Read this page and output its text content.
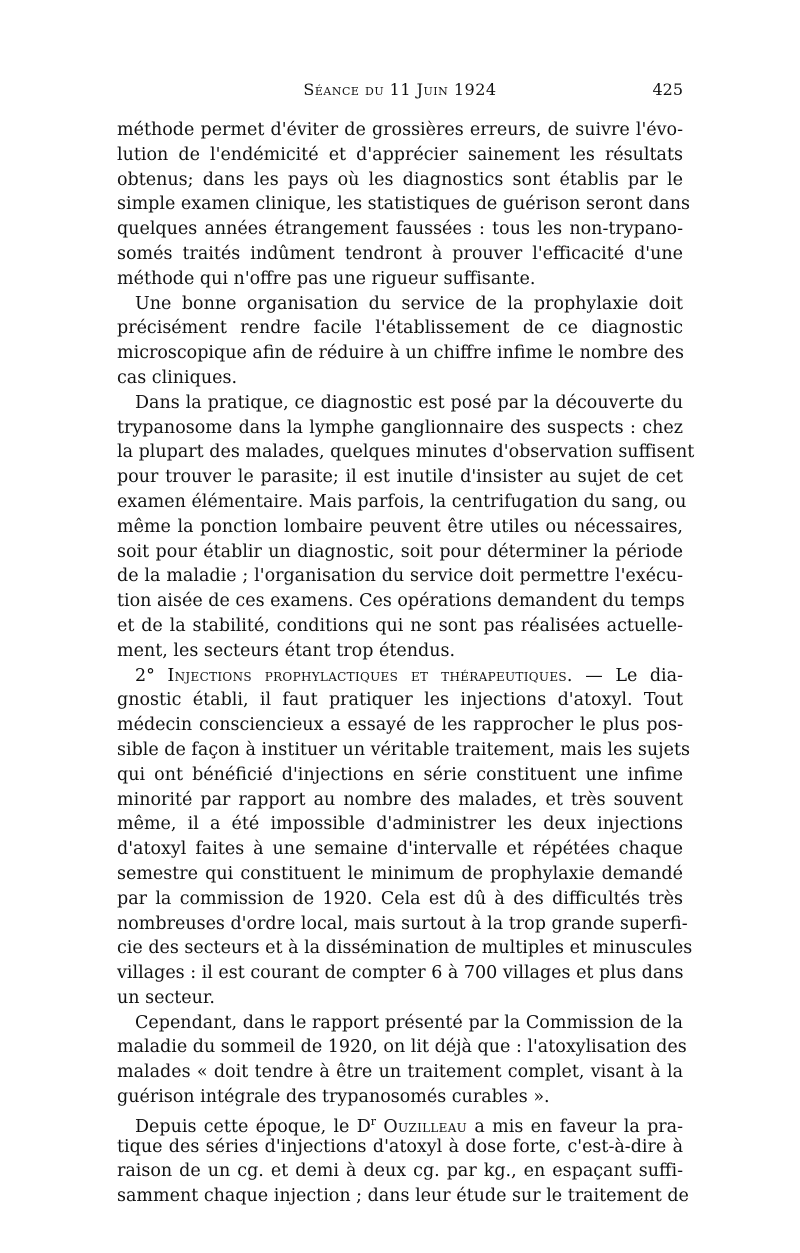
Séance du 11 Juin 1924	425
méthode permet d'éviter de grossières erreurs, de suivre l'évo-
lution de l'endémicité et d'apprécier sainement les résultats
obtenus; dans les pays où les diagnostics sont établis par le
simple examen clinique, les statistiques de guérison seront dans
quelques années étrangement faussées : tous les non-trypano-
somés traités indûment tendront à prouver l'efficacité d'une
méthode qui n'offre pas une rigueur suffisante.
Une bonne organisation du service de la prophylaxie doit
précisément rendre facile l'établissement de ce diagnostic
microscopique afin de réduire à un chiffre infime le nombre des
cas cliniques.
Dans la pratique, ce diagnostic est posé par la découverte du
trypanosome dans la lymphe ganglionnaire des suspects : chez
la plupart des malades, quelques minutes d'observation suffisent
pour trouver le parasite; il est inutile d'insister au sujet de cet
examen élémentaire. Mais parfois, la centrifugation du sang, ou
même la ponction lombaire peuvent être utiles ou nécessaires,
soit pour établir un diagnostic, soit pour déterminer la période
de la maladie ; l'organisation du service doit permettre l'exécu-
tion aisée de ces examens. Ces opérations demandent du temps
et de la stabilité, conditions qui ne sont pas réalisées actuelle-
ment, les secteurs étant trop étendus.
2° Injections prophylactiques et thérapeutiques. — Le dia-
gnostic établi, il faut pratiquer les injections d'atoxyl. Tout
médecin consciencieux a essayé de les rapprocher le plus pos-
sible de façon à instituer un véritable traitement, mais les sujets
qui ont bénéficié d'injections en série constituent une infime
minorité par rapport au nombre des malades, et très souvent
même, il a été impossible d'administrer les deux injections
d'atoxyl faites à une semaine d'intervalle et répétées chaque
semestre qui constituent le minimum de prophylaxie demandé
par la commission de 1920. Cela est dû à des difficultés très
nombreuses d'ordre local, mais surtout à la trop grande superfi-
cie des secteurs et à la dissémination de multiples et minuscules
villages : il est courant de compter 6 à 700 villages et plus dans
un secteur.
Cependant, dans le rapport présenté par la Commission de la
maladie du sommeil de 1920, on lit déjà que : l'atoxylisation des
malades « doit tendre à être un traitement complet, visant à la
guérison intégrale des trypanosomés curables ».
Depuis cette époque, le $D^r$ Ouzilleau a mis en faveur la pra-
tique des séries d'injections d'atoxyl à dose forte, c'est-à-dire à
raison de un cg. et demi à deux cg. par kg., en espaçant suffi-
samment chaque injection ; dans leur étude sur le traitement de
